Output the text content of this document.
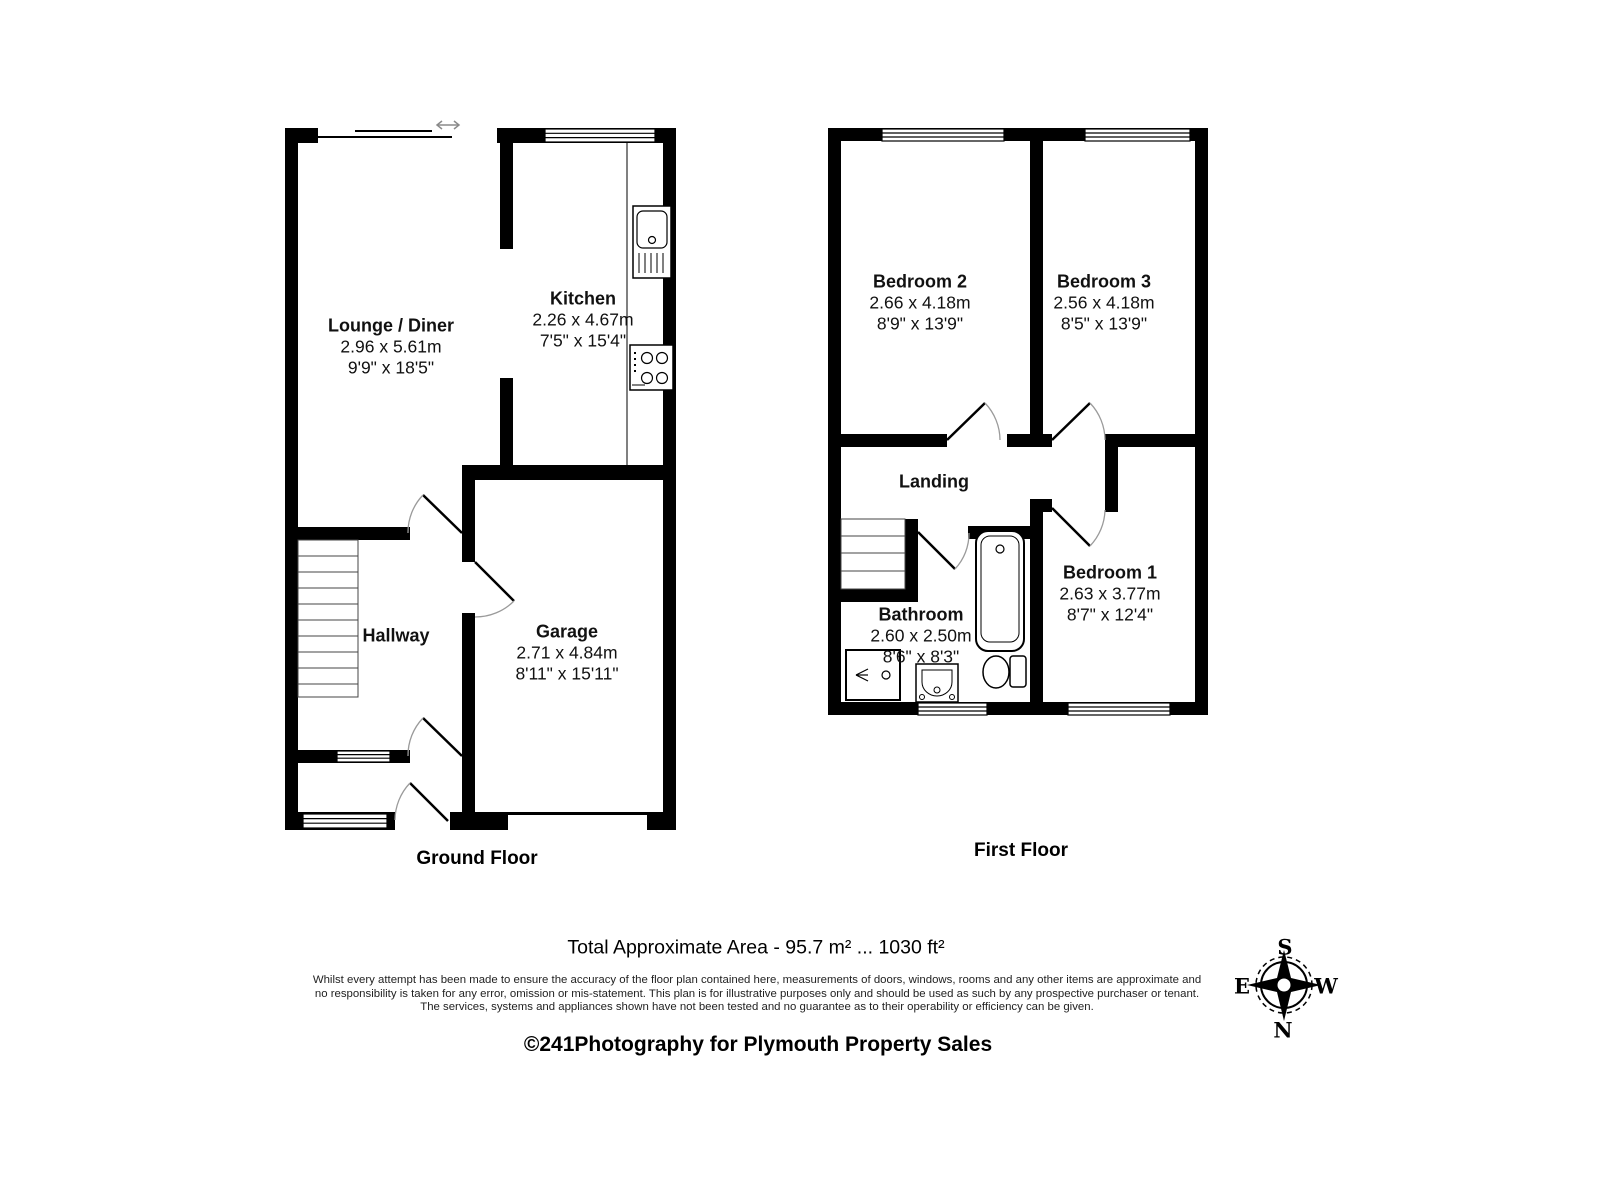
Lounge / Diner
2.96 x 5.61m
9'9" x 18'5"
Kitchen
2.26 x 4.67m
7'5" x 15'4"
Hallway	Garage
2.71 x 4.84m
8'11" x 15'11"
Bedroom 2
2.66 x 4.18m
8'9" x 13'9"
Bedroom 3
2.56 x 4.18m
8'5" x 13'9"
Landing
Bathroom
2.60 x 2.50m
8'6" x 8'3"
Bedroom 1
2.63 x 3.77m
8'7" x 12'4"
Ground Floor	First Floor
Total Approximate Area - 95.7 m² ... 1030 ft²
Whilst every attempt has been made to ensure the accuracy of the floor plan contained here, measurements of doors, windows, rooms and any other items are approximate and
no responsibility is taken for any error, omission or mis-statement. This plan is for illustrative purposes only and should be used as such by any prospective purchaser or tenant.
The services, systems and appliances shown have not been tested and no guarantee as to their operability or efficiency can be given.
©241Photography for Plymouth Property Sales
S
E	W
N
